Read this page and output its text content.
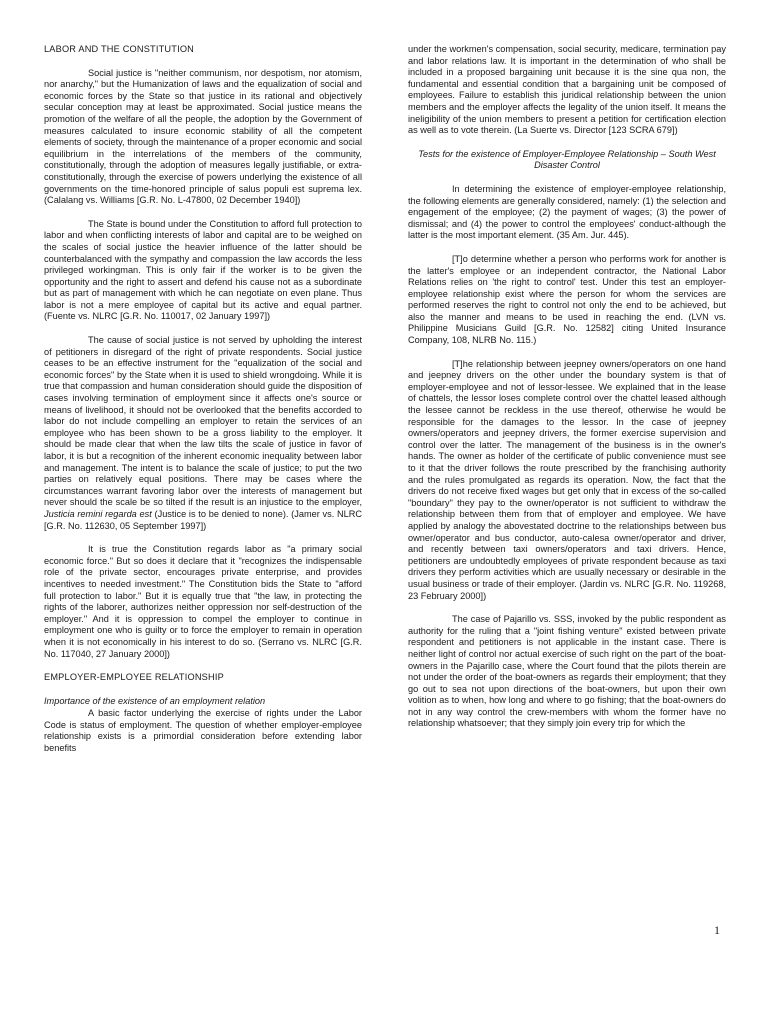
LABOR AND THE CONSTITUTION

Social justice is "neither communism, nor despotism, nor atomism, nor anarchy," but the Humanization of laws and the equalization of social and economic forces by the State so that justice in its rational and objectively secular conception may at least be approximated. Social justice means the promotion of the welfare of all the people, the adoption by the Government of measures calculated to insure economic stability of all the competent elements of society, through the maintenance of a proper economic and social equilibrium in the interrelations of the members of the community, constitutionally, through the adoption of measures legally justifiable, or extra-constitutionally, through the exercise of powers underlying the existence of all governments on the time-honored principle of salus populi est suprema lex. (Calalang vs. Williams [G.R. No. L-47800, 02 December 1940])

The State is bound under the Constitution to afford full protection to labor and when conflicting interests of labor and capital are to be weighed on the scales of social justice the heavier influence of the latter should be counterbalanced with the sympathy and compassion the law accords the less privileged workingman. This is only fair if the worker is to be given the opportunity and the right to assert and defend his cause not as a subordinate but as part of management with which he can negotiate on even plane. Thus labor is not a mere employee of capital but its active and equal partner. (Fuente vs. NLRC [G.R. No. 110017, 02 January 1997])

The cause of social justice is not served by upholding the interest of petitioners in disregard of the right of private respondents. Social justice ceases to be an effective instrument for the "equalization of the social and economic forces" by the State when it is used to shield wrongdoing. While it is true that compassion and human consideration should guide the disposition of cases involving termination of employment since it affects one's source or means of livelihood, it should not be overlooked that the benefits accorded to labor do not include compelling an employer to retain the services of an employee who has been shown to be a gross liability to the employer. It should be made clear that when the law tilts the scale of justice in favor of labor, it is but a recognition of the inherent economic inequality between labor and management. The intent is to balance the scale of justice; to put the two parties on relatively equal positions. There may be cases where the circumstances warrant favoring labor over the interests of management but never should the scale be so tilted if the result is an injustice to the employer, Justicia remini regarda est (Justice is to be denied to none). (Jamer vs. NLRC [G.R. No. 112630, 05 September 1997])

It is true the Constitution regards labor as "a primary social economic force." But so does it declare that it "recognizes the indispensable role of the private sector, encourages private enterprise, and provides incentives to needed investment." The Constitution bids the State to "afford full protection to labor." But it is equally true that "the law, in protecting the rights of the laborer, authorizes neither oppression nor self-destruction of the employer." And it is oppression to compel the employer to continue in employment one who is guilty or to force the employer to remain in operation when it is not economically in his interest to do so. (Serrano vs. NLRC [G.R. No. 117040, 27 January 2000])

EMPLOYER-EMPLOYEE RELATIONSHIP
Importance of the existence of an employment relation

A basic factor underlying the exercise of rights under the Labor Code is status of employment. The question of whether employer-employee relationship exists is a primordial consideration before extending labor benefits

under the workmen's compensation, social security, medicare, termination pay and labor relations law. It is important in the determination of who shall be included in a proposed bargaining unit because it is the sine qua non, the fundamental and essential condition that a bargaining unit be composed of employees. Failure to establish this juridical relationship between the union members and the employer affects the legality of the union itself. It means the ineligibility of the union members to present a petition for certification election as well as to vote therein. (La Suerte vs. Director [123 SCRA 679])

Tests for the existence of Employer-Employee Relationship – South West Disaster Control

In determining the existence of employer-employee relationship, the following elements are generally considered, namely: (1) the selection and engagement of the employee; (2) the payment of wages; (3) the power of dismissal; and (4) the power to control the employees' conduct-although the latter is the most important element. (35 Am. Jur. 445).

[T]o determine whether a person who performs work for another is the latter's employee or an independent contractor, the National Labor Relations relies on 'the right to control' test. Under this test an employer-employee relationship exist where the person for whom the services are performed reserves the right to control not only the end to be achieved, but also the manner and means to be used in reaching the end. (LVN vs. Philippine Musicians Guild [G.R. No. 12582] citing United Insurance Company, 108, NLRB No. 115.)

[T]he relationship between jeepney owners/operators on one hand and jeepney drivers on the other under the boundary system is that of employer-employee and not of lessor-lessee. We explained that in the lease of chattels, the lessor loses complete control over the chattel leased although the lessee cannot be reckless in the use thereof, otherwise he would be responsible for the damages to the lessor. In the case of jeepney owners/operators and jeepney drivers, the former exercise supervision and control over the latter. The management of the business is in the owner's hands. The owner as holder of the certificate of public convenience must see to it that the driver follows the route prescribed by the franchising authority and the rules promulgated as regards its operation. Now, the fact that the drivers do not receive fixed wages but get only that in excess of the so-called "boundary" they pay to the owner/operator is not sufficient to withdraw the relationship between them from that of employer and employee. We have applied by analogy the abovestated doctrine to the relationships between bus owner/operator and bus conductor, auto-calesa owner/operator and driver, and recently between taxi owners/operators and taxi drivers. Hence, petitioners are undoubtedly employees of private respondent because as taxi drivers they perform activities which are usually necessary or desirable in the usual business or trade of their employer. (Jardin vs. NLRC [G.R. No. 119268, 23 February 2000])

The case of Pajarillo vs. SSS, invoked by the public respondent as authority for the ruling that a "joint fishing venture" existed between private respondent and petitioners is not applicable in the instant case. There is neither light of control nor actual exercise of such right on the part of the boat-owners in the Pajarillo case, where the Court found that the pilots therein are not under the order of the boat-owners as regards their employment; that they go out to sea not upon directions of the boat-owners, but upon their own volition as to when, how long and where to go fishing; that the boat-owners do not in any way control the crew-members with whom the former have no relationship whatsoever; that they simply join every trip for which the

1
